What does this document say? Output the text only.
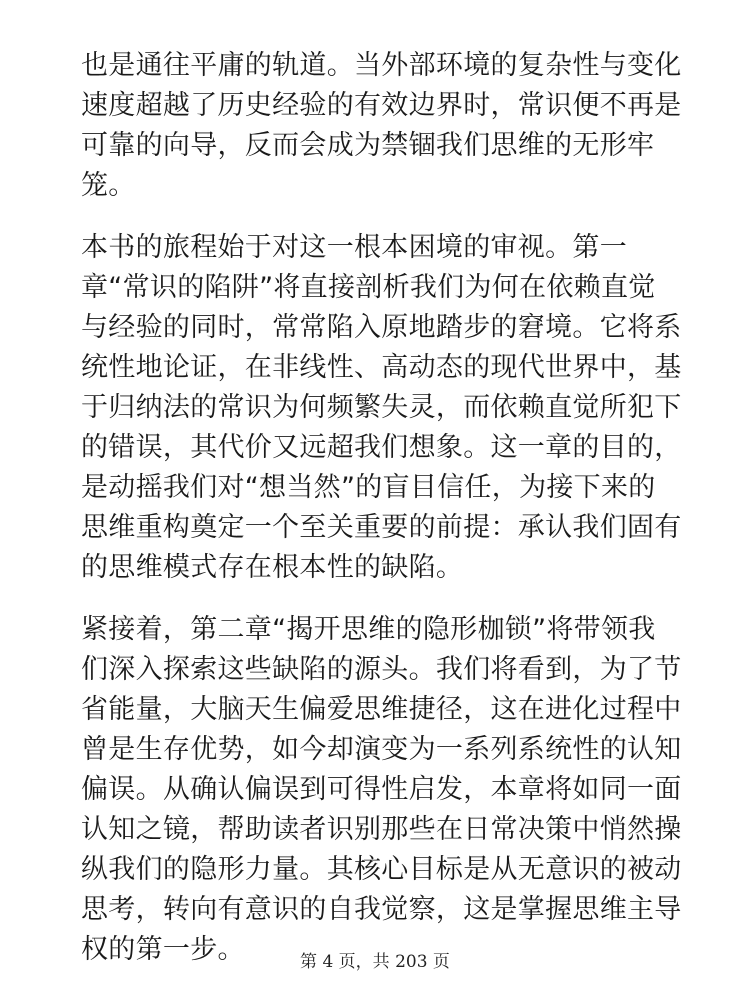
也是通往平庸的轨道。当外部环境的复杂性与变化
速度超越了历史经验的有效边界时，常识便不再是
可靠的向导，反而会成为禁锢我们思维的无形牢
笼。

本书的旅程始于对这一根本困境的审视。第一
章“常识的陷阱”将直接剖析我们为何在依赖直觉
与经验的同时，常常陷入原地踏步的窘境。它将系
统性地论证，在非线性、高动态的现代世界中，基
于归纳法的常识为何频繁失灵，而依赖直觉所犯下
的错误，其代价又远超我们想象。这一章的目的，
是动摇我们对“想当然”的盲目信任，为接下来的
思维重构奠定一个至关重要的前提：承认我们固有
的思维模式存在根本性的缺陷。

紧接着，第二章“揭开思维的隐形枷锁”将带领我
们深入探索这些缺陷的源头。我们将看到，为了节
省能量，大脑天生偏爱思维捷径，这在进化过程中
曾是生存优势，如今却演变为一系列系统性的认知
偏误。从确认偏误到可得性启发，本章将如同一面
认知之镜，帮助读者识别那些在日常决策中悄然操
纵我们的隐形力量。其核心目标是从无意识的被动
思考，转向有意识的自我觉察，这是掌握思维主导
权的第一步。	第 4 页，共 203 页
